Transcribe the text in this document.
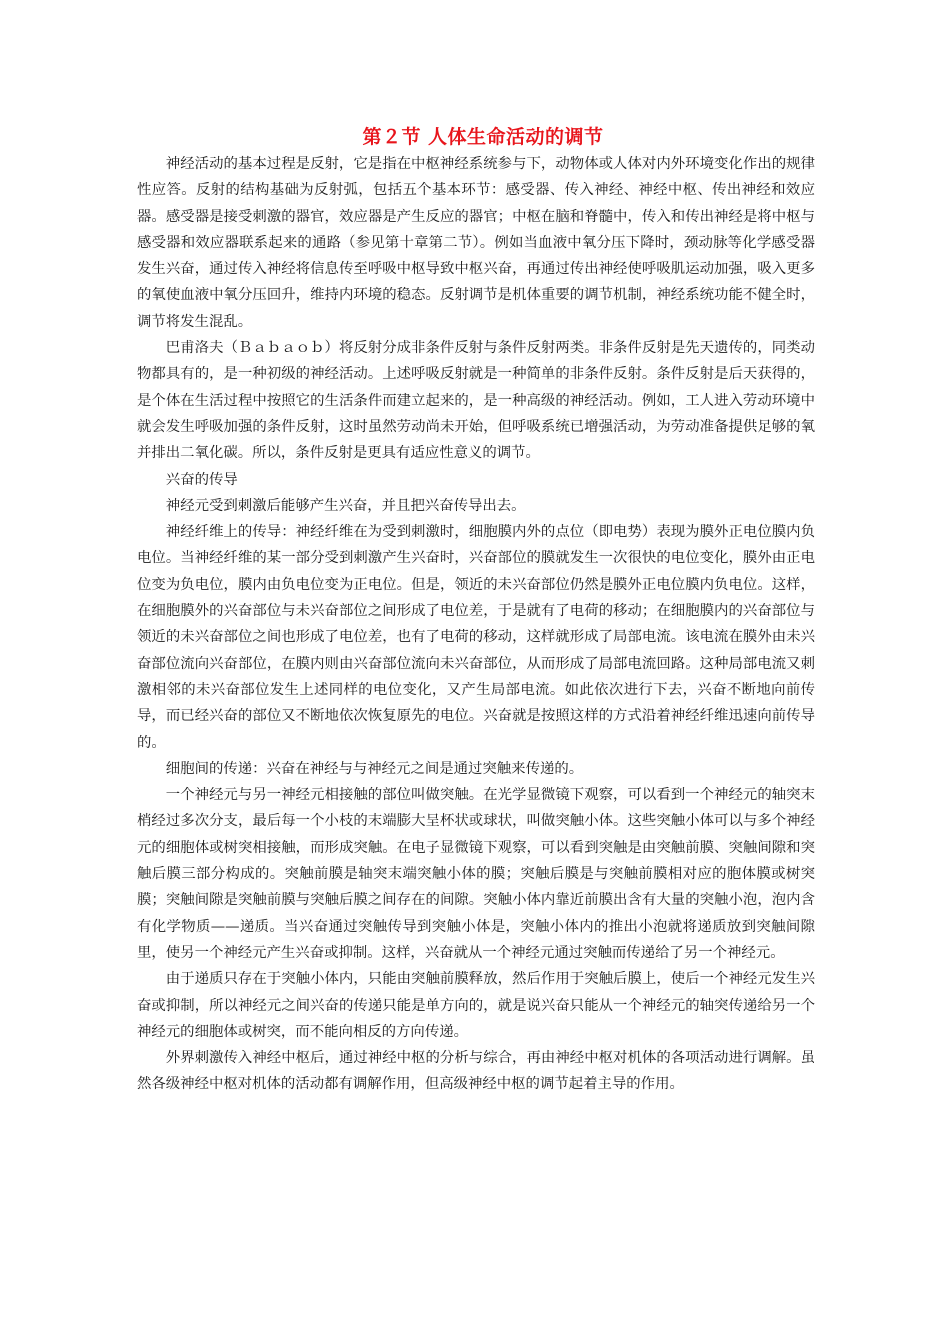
第２节 人体生命活动的调节

神经活动的基本过程是反射，它是指在中枢神经系统参与下，动物体或人体对内外环境变化作出的规律性应答。反射的结构基础为反射弧，包括五个基本环节：感受器、传入神经、神经中枢、传出神经和效应器。感受器是接受刺激的器官，效应器是产生反应的器官；中枢在脑和脊髓中，传入和传出神经是将中枢与感受器和效应器联系起来的通路（参见第十章第二节）。例如当血液中氧分压下降时，颈动脉等化学感受器发生兴奋，通过传入神经将信息传至呼吸中枢导致中枢兴奋，再通过传出神经使呼吸肌运动加强，吸入更多的氧使血液中氧分压回升，维持内环境的稳态。反射调节是机体重要的调节机制，神经系统功能不健全时，调节将发生混乱。

巴甫洛夫（Ｂａｂａｏｂ）将反射分成非条件反射与条件反射两类。非条件反射是先天遗传的，同类动物都具有的，是一种初级的神经活动。上述呼吸反射就是一种简单的非条件反射。条件反射是后天获得的，是个体在生活过程中按照它的生活条件而建立起来的，是一种高级的神经活动。例如，工人进入劳动环境中就会发生呼吸加强的条件反射，这时虽然劳动尚未开始，但呼吸系统已增强活动，为劳动准备提供足够的氧并排出二氧化碳。所以，条件反射是更具有适应性意义的调节。

兴奋的传导

神经元受到刺激后能够产生兴奋，并且把兴奋传导出去。

神经纤维上的传导：神经纤维在为受到刺激时，细胞膜内外的点位（即电势）表现为膜外正电位膜内负电位。当神经纤维的某一部分受到刺激产生兴奋时，兴奋部位的膜就发生一次很快的电位变化，膜外由正电位变为负电位，膜内由负电位变为正电位。但是，领近的未兴奋部位仍然是膜外正电位膜内负电位。这样，在细胞膜外的兴奋部位与未兴奋部位之间形成了电位差，于是就有了电荷的移动；在细胞膜内的兴奋部位与领近的未兴奋部位之间也形成了电位差，也有了电荷的移动，这样就形成了局部电流。该电流在膜外由未兴奋部位流向兴奋部位，在膜内则由兴奋部位流向未兴奋部位，从而形成了局部电流回路。这种局部电流又刺激相邻的未兴奋部位发生上述同样的电位变化，又产生局部电流。如此依次进行下去，兴奋不断地向前传导，而已经兴奋的部位又不断地依次恢复原先的电位。兴奋就是按照这样的方式沿着神经纤维迅速向前传导的。

细胞间的传递：兴奋在神经与与神经元之间是通过突触来传递的。

一个神经元与另一神经元相接触的部位叫做突触。在光学显微镜下观察，可以看到一个神经元的轴突末梢经过多次分支，最后每一个小枝的末端膨大呈杯状或球状，叫做突触小体。这些突触小体可以与多个神经元的细胞体或树突相接触，而形成突触。在电子显微镜下观察，可以看到突触是由突触前膜、突触间隙和突触后膜三部分构成的。突触前膜是轴突末端突触小体的膜；突触后膜是与突触前膜相对应的胞体膜或树突膜；突触间隙是突触前膜与突触后膜之间存在的间隙。突触小体内靠近前膜出含有大量的突触小泡，泡内含有化学物质——递质。当兴奋通过突触传导到突触小体是，突触小体内的推出小泡就将递质放到突触间隙里，使另一个神经元产生兴奋或抑制。这样，兴奋就从一个神经元通过突触而传递给了另一个神经元。

由于递质只存在于突触小体内，只能由突触前膜释放，然后作用于突触后膜上，使后一个神经元发生兴奋或抑制，所以神经元之间兴奋的传递只能是单方向的，就是说兴奋只能从一个神经元的轴突传递给另一个神经元的细胞体或树突，而不能向相反的方向传递。

外界刺激传入神经中枢后，通过神经中枢的分析与综合，再由神经中枢对机体的各项活动进行调解。虽然各级神经中枢对机体的活动都有调解作用，但高级神经中枢的调节起着主导的作用。
